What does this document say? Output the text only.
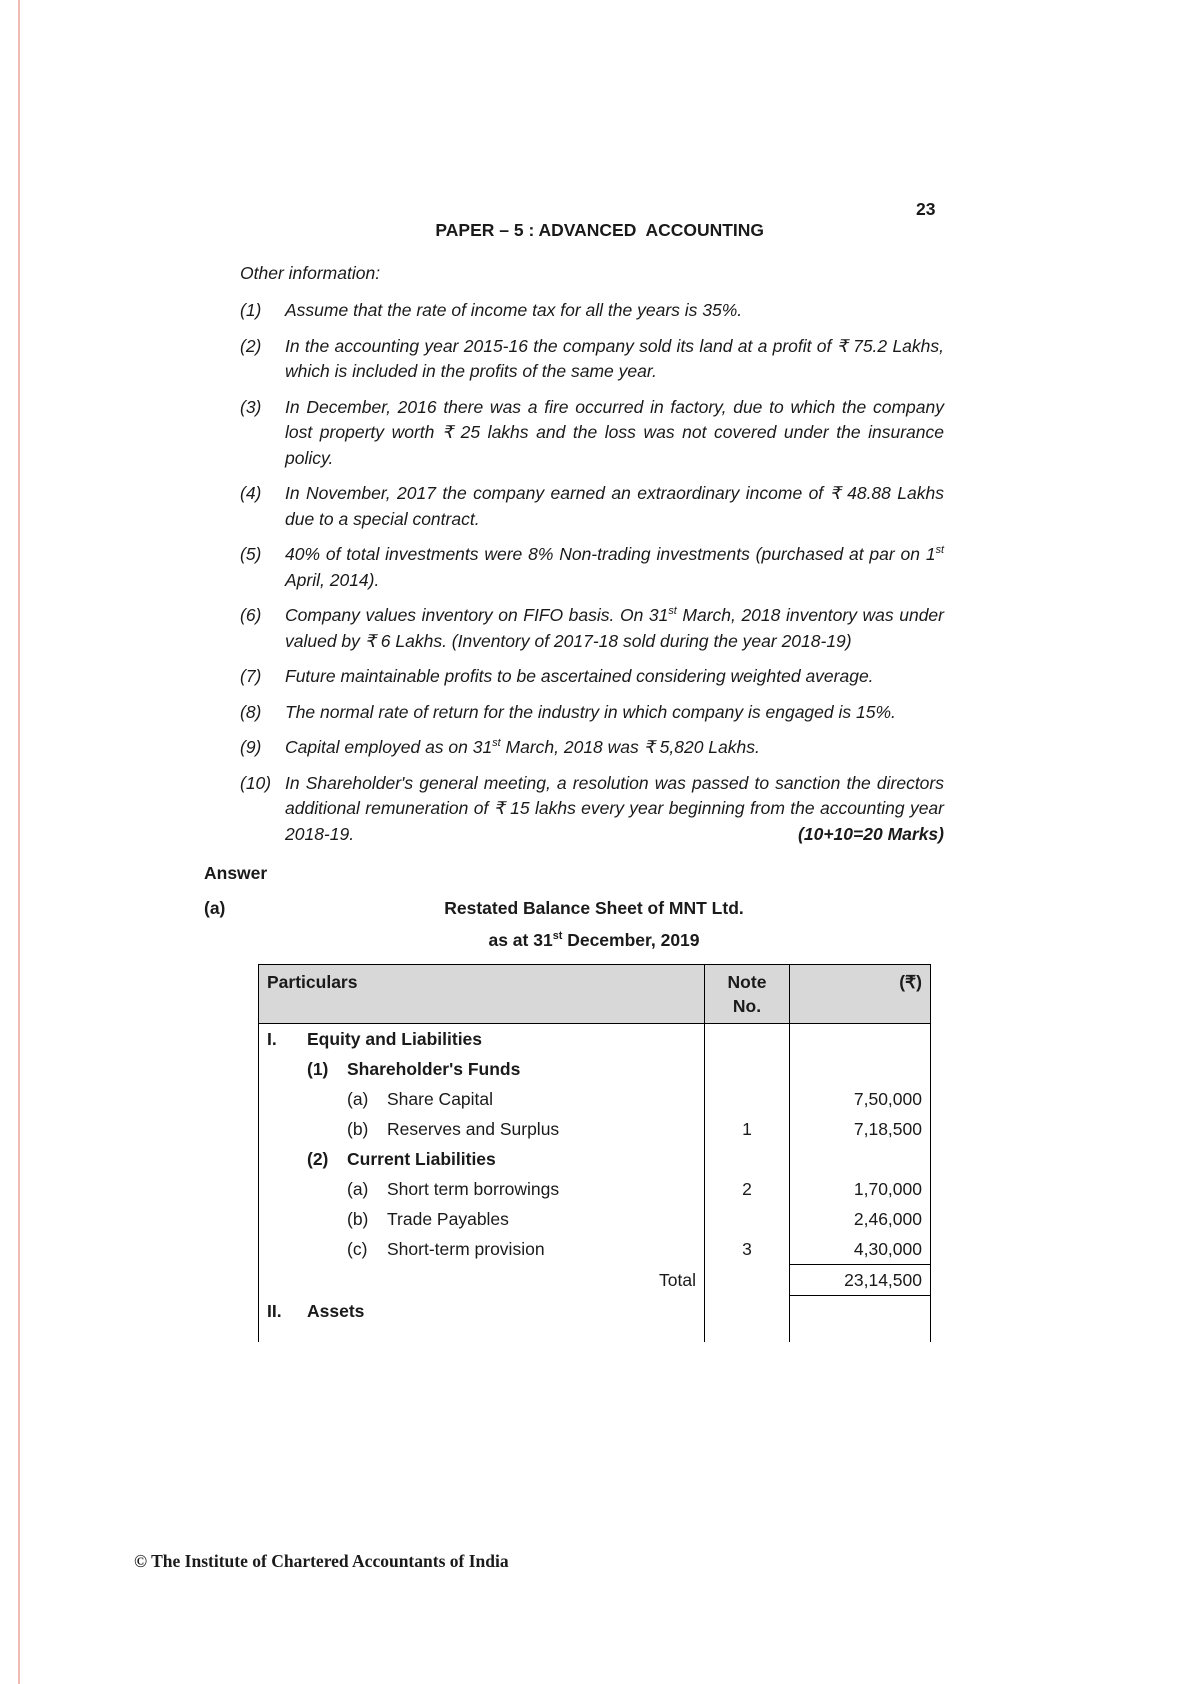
PAPER – 5 : ADVANCED  ACCOUNTING

23
Other information:
(1)	Assume that the rate of income tax for all the years is 35%.
(2)	In the accounting year 2015-16 the company sold its land at a profit of ₹ 75.2 Lakhs, which is included in the profits of the same year.
(3)	In December, 2016 there was a fire occurred in factory, due to which the company lost property worth ₹ 25 lakhs and the loss was not covered under the insurance policy.
(4)	In November, 2017 the company earned an extraordinary income of ₹ 48.88 Lakhs due to a special contract.
(5)	40% of total investments were 8% Non-trading investments (purchased at par on 1st April, 2014).
(6)	Company values inventory on FIFO basis. On 31st March, 2018 inventory was under valued by ₹ 6 Lakhs. (Inventory of 2017-18 sold during the year 2018-19)
(7)	Future maintainable profits to be ascertained considering weighted average.
(8)	The normal rate of return for the industry in which company is engaged is 15%.
(9)	Capital employed as on 31st March, 2018 was ₹ 5,820 Lakhs.
(10) In Shareholder's general meeting, a resolution was passed to sanction the directors additional remuneration of ₹ 15 lakhs every year beginning from the accounting year 2018-19.	(10+10=20 Marks)
Answer
(a)	Restated Balance Sheet of MNT Ltd.
as at 31st December, 2019
Particulars	Note No.	(₹)

I. Equity and Liabilities		

(1) Shareholder's Funds		

(a) Share Capital		7,50,000

(b) Reserves and Surplus	1	7,18,500

(2) Current Liabilities		

(a) Short term borrowings	2	1,70,000

(b) Trade Payables		2,46,000

(c) Short-term provision	3	4,30,000
Total		23,14,500

II. Assets		

© The Institute of Chartered Accountants of India
